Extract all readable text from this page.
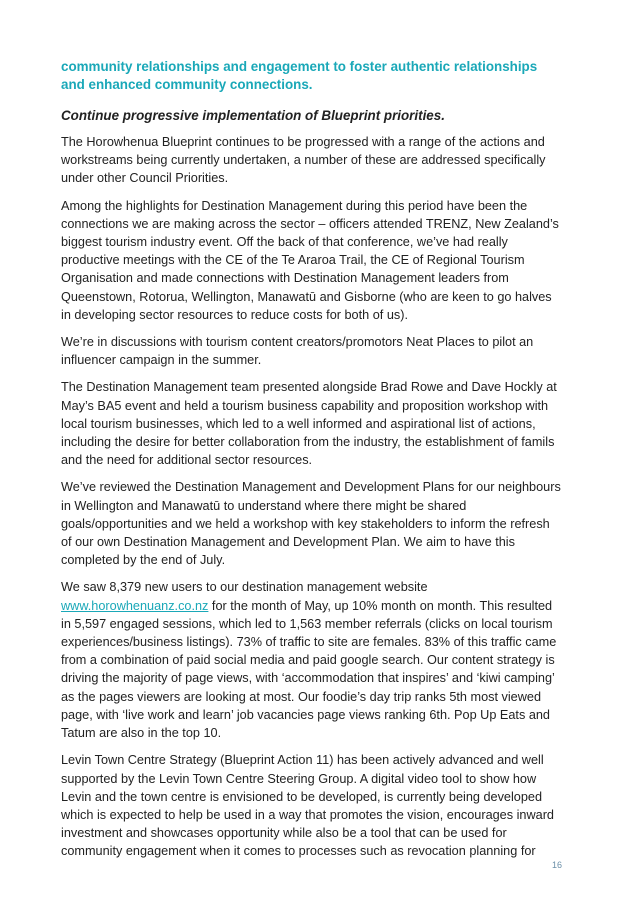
community relationships and engagement to foster authentic relationships and enhanced community connections.
Continue progressive implementation of Blueprint priorities.

The Horowhenua Blueprint continues to be progressed with a range of the actions and workstreams being currently undertaken, a number of these are addressed specifically under other Council Priorities.

Among the highlights for Destination Management during this period have been the connections we are making across the sector – officers attended TRENZ, New Zealand’s biggest tourism industry event. Off the back of that conference, we’ve had really productive meetings with the CE of the Te Araroa Trail, the CE of Regional Tourism Organisation and made connections with Destination Management leaders from Queenstown, Rotorua, Wellington, Manawatū and Gisborne (who are keen to go halves in developing sector resources to reduce costs for both of us).

We’re in discussions with tourism content creators/promotors Neat Places to pilot an influencer campaign in the summer.

The Destination Management team presented alongside Brad Rowe and Dave Hockly at May’s BA5 event and held a tourism business capability and proposition workshop with local tourism businesses, which led to a well informed and aspirational list of actions, including the desire for better collaboration from the industry, the establishment of famils and the need for additional sector resources.

We’ve reviewed the Destination Management and Development Plans for our neighbours in Wellington and Manawatū to understand where there might be shared goals/opportunities and we held a workshop with key stakeholders to inform the refresh of our own Destination Management and Development Plan. We aim to have this completed by the end of July.

We saw 8,379 new users to our destination management website www.horowhenuanz.co.nz for the month of May, up 10% month on month. This resulted in 5,597 engaged sessions, which led to 1,563 member referrals (clicks on local tourism experiences/business listings). 73% of traffic to site are females. 83% of this traffic came from a combination of paid social media and paid google search. Our content strategy is driving the majority of page views, with ‘accommodation that inspires’ and ‘kiwi camping’ as the pages viewers are looking at most. Our foodie’s day trip ranks 5th most viewed page, with ‘live work and learn’ job vacancies page views ranking 6th. Pop Up Eats and Tatum are also in the top 10.

Levin Town Centre Strategy (Blueprint Action 11) has been actively advanced and well supported by the Levin Town Centre Steering Group. A digital video tool to show how Levin and the town centre is envisioned to be developed, is currently being developed which is expected to help be used in a way that promotes the vision, encourages inward investment and showcases opportunity while also be a tool that can be used for community engagement when it comes to processes such as revocation planning for

16
